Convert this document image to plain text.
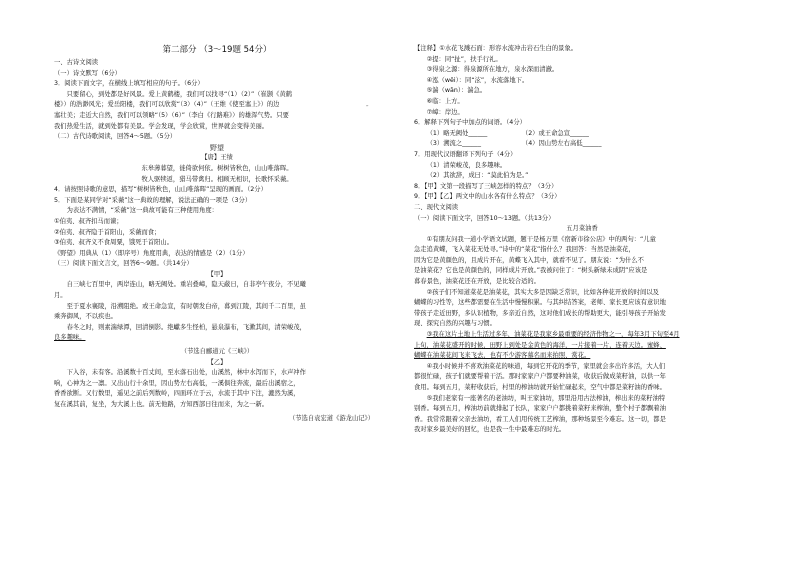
”
第二部分 （3～19题 54分）
一、古诗文阅读
（一）诗文默写（6分）
3．阅读下面文字，在横线上填写相应的句子。（6分）
只要留心，到处都是好风景。爱上黄鹤楼，我们可以找寻“（1）（2）”（崔颢《黄鹤
楼》）的浩渺风光；爱岳阳楼，我们可以欣赏“（3）（4）”（王维《使至塞上》）的边
塞壮美；走近大自然，我们可以领略“（5）（6）”（李白《行路难》）的雄浑气势。只要
我们热爱生活，就到处都有美景。学会发现，学会欣赏，世界就会变得美丽。
（二）古代诗歌阅读，回答4～5题。（5分）
野望
【唐】王绩
东皋薄暮望，徙倚欲何依。树树皆秋色，山山唯落晖。
牧人驱犊返，猎马带禽归。相顾无相识，长歌怀采薇。
4．请按照诗歌的意思，描写“树树皆秋色，山山唯落晖”呈现的画面。（2分）
5．下面是某同学对“采薇”这一典故的理解，说法正确的一项是（3分）
为表达不满情，“采薇”这一典故可能有三种使用角度：
①伯夷、叔齐扣马而谏；
②伯夷、叔齐隐于首阳山，采薇而食；
③伯夷、叔齐义不食周粟，饿死于首阳山。
《野望》用典从（1）（即序号）角度用典，表达的情感是（2）（1分）
（三）阅读下面文言文，回答6～9题。（共14分）
【甲】
自三峡七百里中，两岸连山，略无阙处。重岩叠嶂，隐天蔽日，自非亭午夜分，不见曦
月。
至于夏水襄陵，沿溯阻绝。或王命急宣，有时朝发白帝，暮到江陵，其间千二百里，虽
乘奔御风，不以疾也。
春冬之时，则素湍绿潭，回清倒影。绝巘多生怪柏，悬泉瀑布，飞漱其间，清荣峻茂，
良多趣味。
（节选自郦道元《三峡》）
【乙】
下入谷，未有客。沿溪数十百丈间，至水落石出处，山溪然，林中水泻而下，水声冲作
响，心神为之一凛。又出山行十余里，因山势左右高低，一溪俱往奔流，最后出溪宿之，
香香欲断。又行数里，遥见之前后列数岭，四面环立于云，水流于其中下注，漉然为溪，
复在溪其前，复坐，为大溪上也。前无他路，方知西部日往而来，为之一新。
（节选自袁宏道《游龙山记》）
【注释】①水花飞溅石面：形容水流冲击岩石生白的景象。
②提：同“扯”，扶手行礼。
③得泉之源：得泉源所在地方，泉水深而清澈。
④泓（wěi）：同“泫”，水流落地下。
⑤湍（wān）：湍急。
⑥临：上方。
⑦嶂：岸边。
6．解释下列句子中加点的词语。（4分）
（1）略无阙处______　　　　　　（2）或王命急宣______
（3）溯流之______　　　　　　　（4）因山势左右高低______
7．用现代汉语翻译下列句子（4分）
（1）清荣峻茂，良多趣味。
（2）其欲辞，成曰：“莫此伯为是。”
8．【甲】文第一段描写了三峡怎样的特点？（3分）
9．【甲】【乙】两文中的山水各有什么特点？（3分）
二、现代文阅读
（一）阅读下面文字，回答10～13题。（共13分）
五月菜油香
①有朋友问我一道小学语文试题，题干是杨万里《宿新市徐公店》中的两句：“儿童
急走追黄蝶，飞入菜花无处寻。”诗中的“菜花”指什么？我回答：当然是油菜花，
因为它是黄颜色的，且成片开在，黄蝶飞入其中，就看不见了。朋友说：“为什么不
是油菜花？它也是黄颜色的，同样成片开放。”我被问住了：“树头新绿未成阴”应该是
暮春景色，油菜花还在开放，是比较合适的。
②孩子们不知道菜花是油菜花，其实大多是因缺乏常识，比如各种花开放的时间以及
蝴蝶的习性等，这些都需要在生活中慢慢积累。与其纠结答案，老师、家长更应该有意识地
带孩子走近田野，多认识植物，多亲近自然，这对他们成长的帮助更大，能引导孩子开始发
现、探究自然的兴趣与习惯。
③我在这片土地上生活过多年，油菜花是我家乡最重要的经济作物之一，每年3月下旬至4月
上旬，油菜花盛开的时候，田野上到处是金黄色的海洋，一片接着一片，连着天边。蜜蜂、
蝴蝶在油菜花间飞来飞去，也有不少游客慕名而来拍照、赏花。
④我小时候并不喜欢油菜花的味道，每到它开花的季节，家里就会多出许多活，大人们
都很忙碌，孩子们就要帮着干活。那时家家户户都要种油菜，收获后做成菜籽油，以供一年
食用。每到五月，菜籽收获后，村里的榨油坊就开始忙碌起来，空气中都是菜籽油的香味。
⑤我们老家有一座著名的老油坊，叫王家油坊，那里沿用古法榨油，榨出来的菜籽油特
别香。每到五月，榨油坊前就排起了长队，家家户户都挑着菜籽来榨油，整个村子都飘着油
香。我常常跟着父亲去油坊，看工人们用传统工艺榨油，那种场景至今难忘。这一切，都是
我对家乡最美好的回忆，也是我一生中最难忘的时光。
